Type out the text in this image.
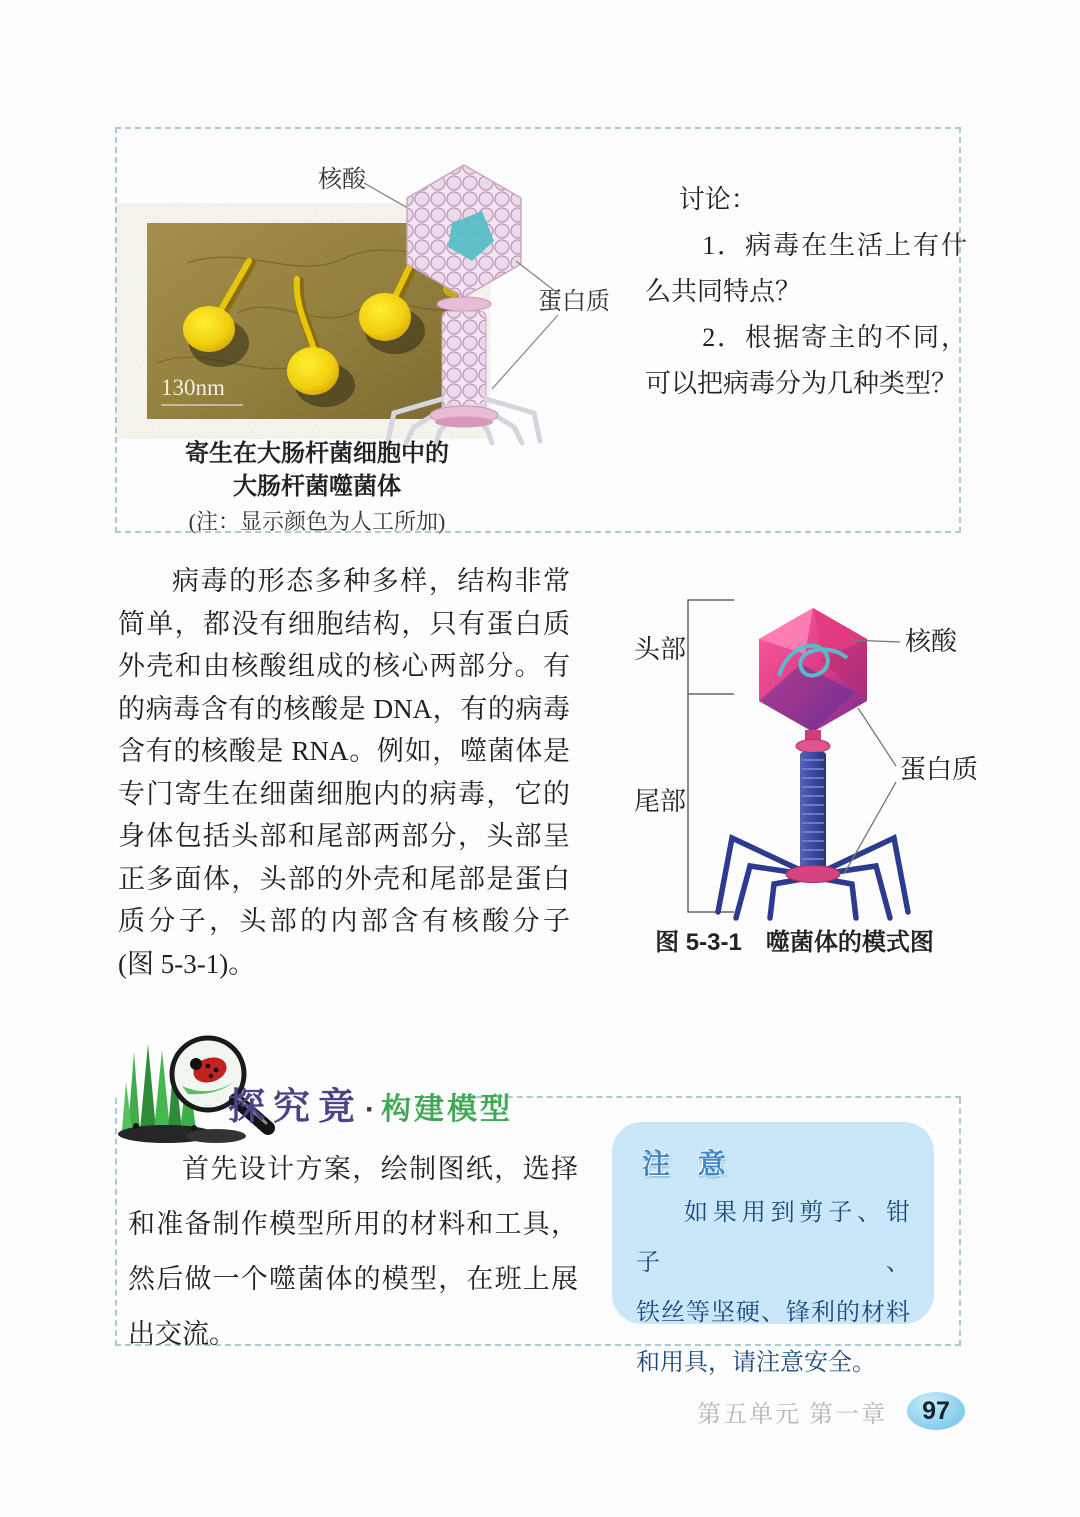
130nm
核酸
蛋白质
寄生在大肠杆菌细胞中的
大肠杆菌噬菌体
(注：显示颜色为人工所加)
讨论：
1．病毒在生活上有什
么共同特点？
2．根据寄主的不同，
可以把病毒分为几种类型？
病毒的形态多种多样，结构非常
简单，都没有细胞结构，只有蛋白质
外壳和由核酸组成的核心两部分。有
的病毒含有的核酸是 DNA，有的病毒
含有的核酸是 RNA。例如，噬菌体是
专门寄生在细菌细胞内的病毒，它的
身体包括头部和尾部两部分，头部呈
正多面体，头部的外壳和尾部是蛋白
质分子，头部的内部含有核酸分子
(图 5-3-1)。
头部
尾部
核酸
蛋白质
图 5-3-1　噬菌体的模式图
探究竟 · 构建模型
首先设计方案，绘制图纸，选择
和准备制作模型所用的材料和工具，
然后做一个噬菌体的模型，在班上展
出交流。
注 意
如果用到剪子、钳子、
铁丝等坚硬、锋利的材料
和用具，请注意安全。
第五单元 第一章	97
